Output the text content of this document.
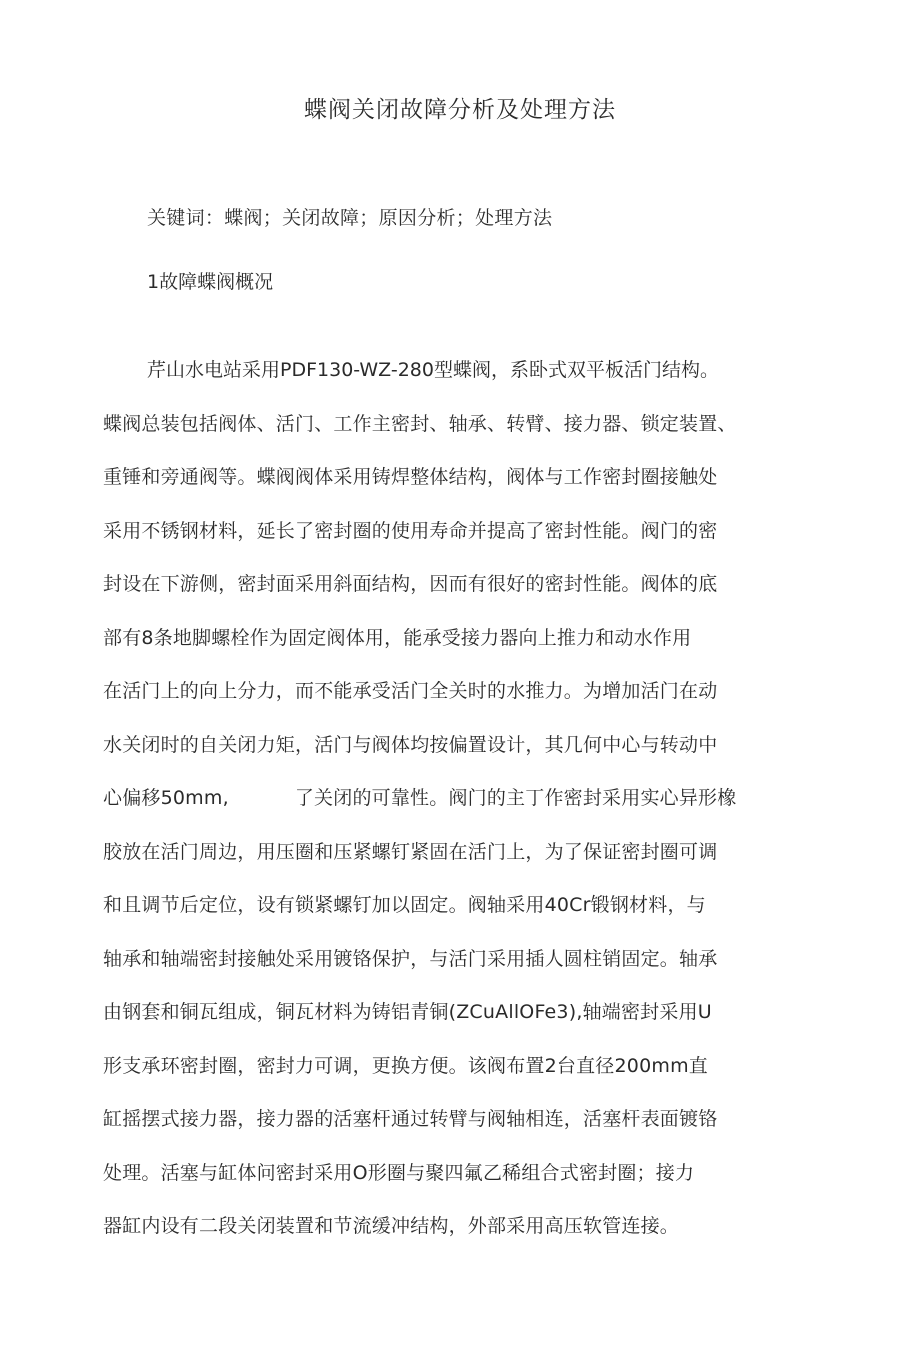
蝶阀关闭故障分析及处理方法
关键词：蝶阀；关闭故障；原因分析；处理方法
1故障蝶阀概况
芹山水电站采用PDF130-WZ-280型蝶阀，系卧式双平板活门结构。
蝶阀总装包括阀体、活门、工作主密封、轴承、转臂、接力器、锁定装置、
重锤和旁通阀等。蝶阀阀体采用铸焊整体结构，阀体与工作密封圈接触处
采用不锈钢材料，延长了密封圈的使用寿命并提高了密封性能。阀门的密
封设在下游侧，密封面采用斜面结构，因而有很好的密封性能。阀体的底
部有8条地脚螺栓作为固定阀体用，能承受接力器向上推力和动水作用
在活门上的向上分力，而不能承受活门全关时的水推力。为增加活门在动
水关闭时的自关闭力矩，活门与阀体均按偏置设计，其几何中心与转动中
心偏移50mm,	了关闭的可靠性。阀门的主丁作密封采用实心异形橡
胶放在活门周边，用压圈和压紧螺钉紧固在活门上，为了保证密封圈可调
和且调节后定位，设有锁紧螺钉加以固定。阀轴采用40Cr锻钢材料，与
轴承和轴端密封接触处采用镀铬保护，与活门采用插人圆柱销固定。轴承
由钢套和铜瓦组成，铜瓦材料为铸铝青铜(ZCuAllOFe3),轴端密封采用U
形支承环密封圈，密封力可调，更换方便。该阀布置2台直径200mm直
缸摇摆式接力器，接力器的活塞杆通过转臂与阀轴相连，活塞杆表面镀铬
处理。活塞与缸体问密封采用O形圈与聚四氟乙稀组合式密封圈；接力
器缸内设有二段关闭装置和节流缓冲结构，外部采用高压软管连接。
